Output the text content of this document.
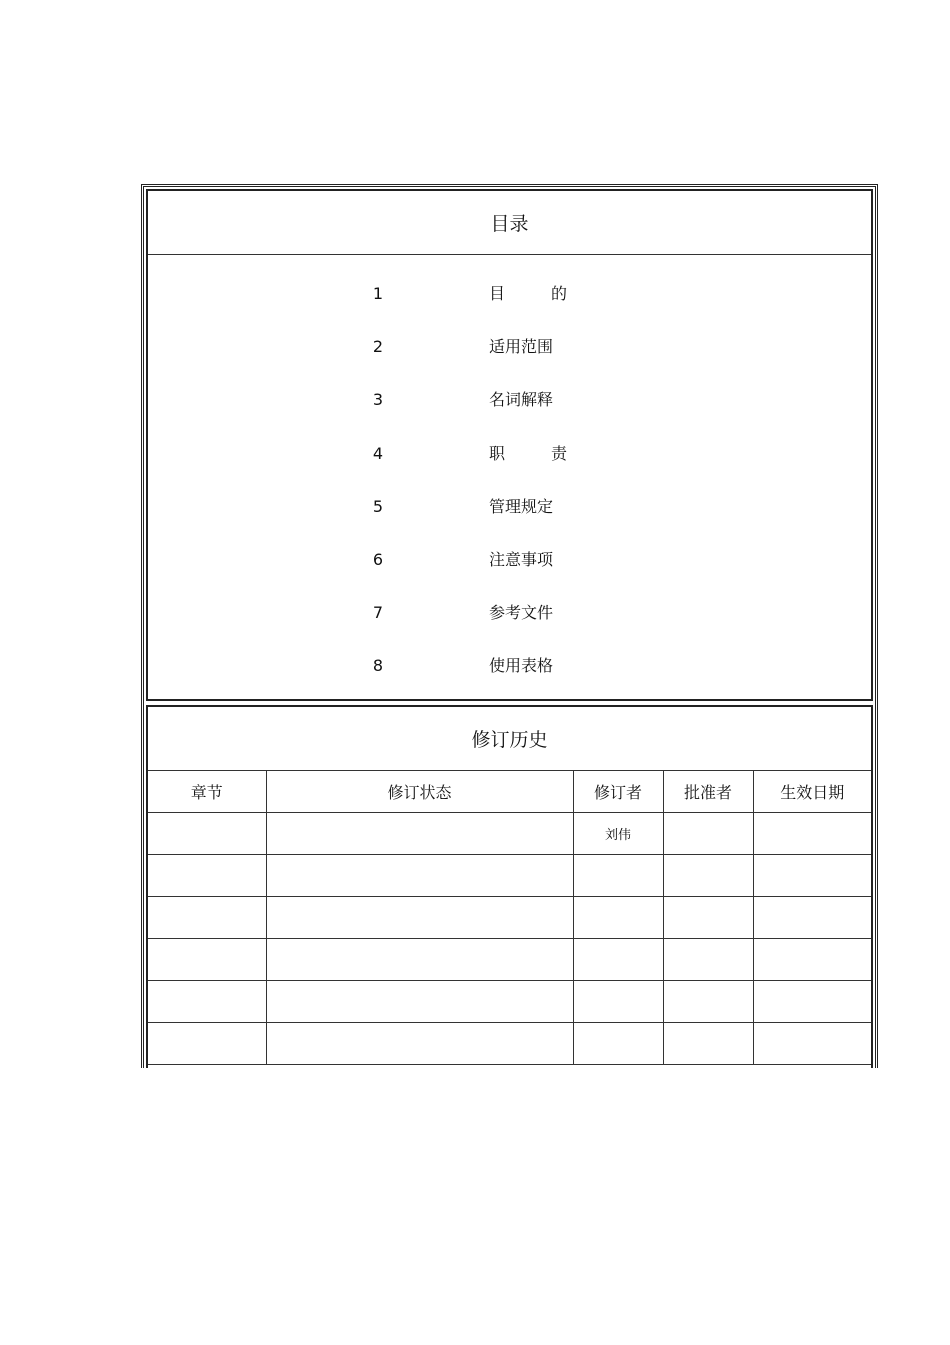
目录
1	目	的
2	适用范围
3	名词解释
4	职	责
5	管理规定
6	注意事项
7	参考文件
8	使用表格
修订历史
章节	修订状态	修订者	批准者	生效日期
		刘伟		
